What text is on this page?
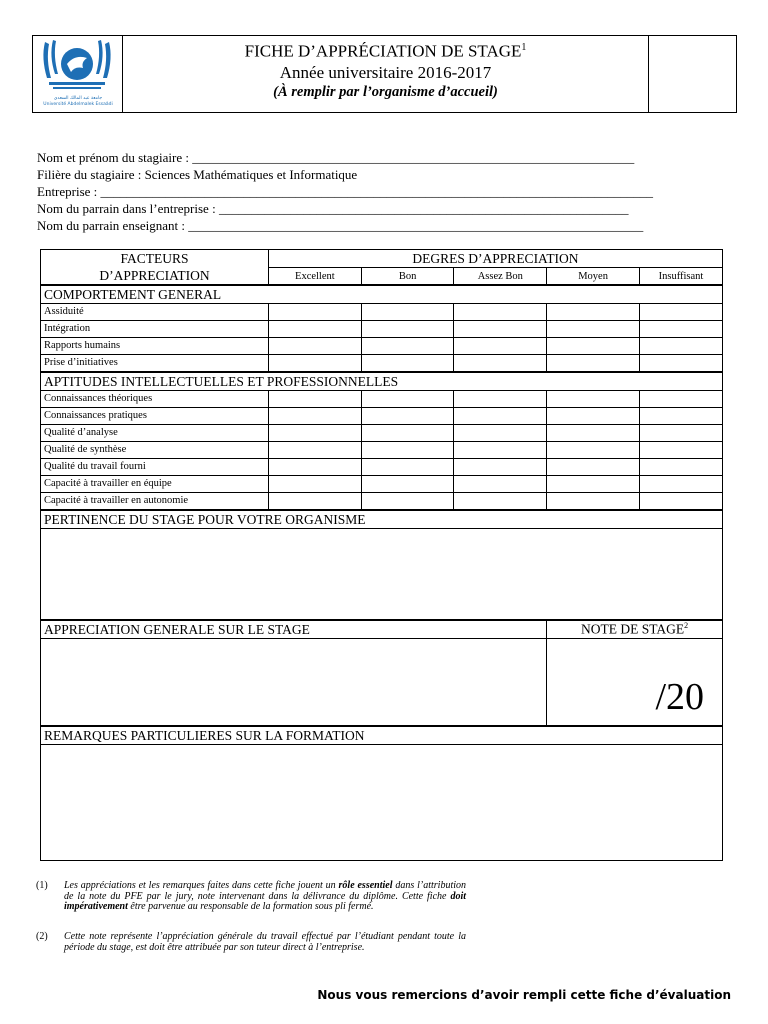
جامعة عبد المالك السعدي
Université Abdelmalek Essaâdi
FICHE D’APPRÉCIATION DE STAGE$^1$
Année universitaire 2016-2017
(À remplir par l’organisme d’accueil)
Nom et prénom du stagiaire : ____________________________________________________________________
Filière du stagiaire : Sciences Mathématiques et Informatique
Entreprise : _____________________________________________________________________________________
Nom du parrain dans l’entreprise : _______________________________________________________________
Nom du parrain enseignant : ______________________________________________________________________
FACTEURS
D’APPRECIATION	DEGRES D’APPRECIATION				
	Excellent	Bon	Assez Bon	Moyen	Insuffisant
COMPORTEMENT GENERAL					
Assiduité					
Intégration					
Rapports humains					
Prise d’initiatives					
APTITUDES INTELLECTUELLES ET PROFESSIONNELLES					
Connaissances théoriques					
Connaissances pratiques					
Qualité d’analyse					
Qualité de synthèse					
Qualité du travail fourni					
Capacité à travailler en équipe					
Capacité à travailler en autonomie					
PERTINENCE DU STAGE POUR VOTRE ORGANISME					

APPRECIATION GENERALE SUR LE STAGE				NOTE DE STAGE$^2$
				/20	
REMARQUES PARTICULIERES SUR LA FORMATION					

(1) Les appréciations et les remarques faites dans cette fiche jouent un rôle essentiel dans l’attribution de la note du PFE par le jury, note intervenant dans la délivrance du diplôme. Cette fiche doit impérativement être parvenue au responsable de la formation sous pli fermé.
(2) Cette note représente l’appréciation générale du travail effectué par l’étudiant pendant toute la période du stage, est doit être attribuée par son tuteur direct à l’entreprise.
Nous vous remercions d’avoir rempli cette fiche d’évaluation
